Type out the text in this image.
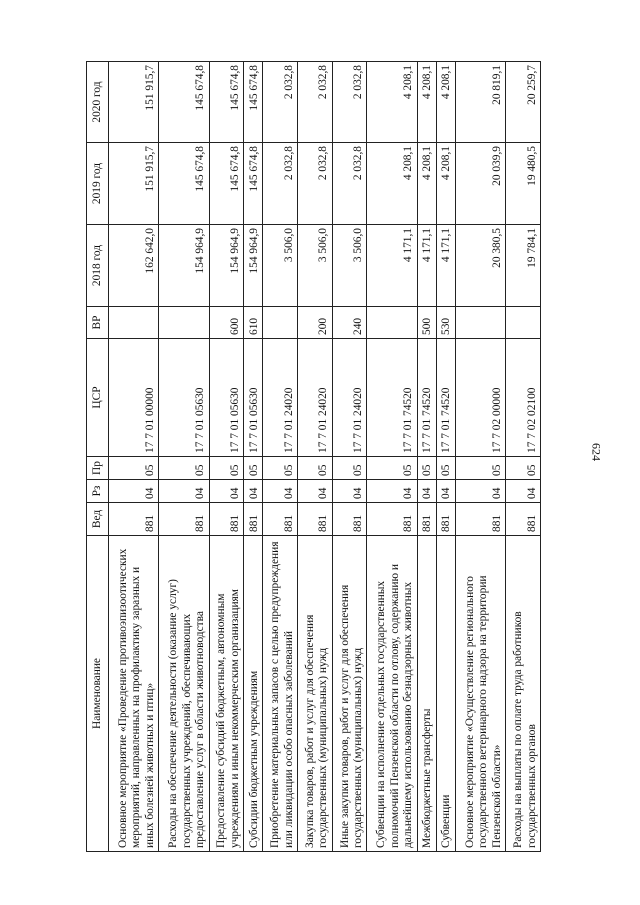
624
Наименование	Вед	Рз	Пр	ЦСР	ВР	2018 год	2019 год	2020 год
Основное мероприятие «Проведение противоэпизоотических мероприятий, направленных на профилактику заразных и иных болезней животных и птиц»	881	04	05	17 7 01 00000		162 642,0	151 915,7	151 915,7
Расходы на обеспечение деятельности (оказание услуг) государственных учреждений, обеспечивающих предоставление услуг в области животноводства	881	04	05	17 7 01 05630		154 964,9	145 674,8	145 674,8
Предоставление субсидий бюджетным, автономным учреждениям и иным некоммерческим организациям	881	04	05	17 7 01 05630	600	154 964,9	145 674,8	145 674,8
Субсидии бюджетным учреждениям	881	04	05	17 7 01 05630	610	154 964,9	145 674,8	145 674,8
Приобретение материальных запасов с целью предупреждения или ликвидации особо опасных заболеваний	881	04	05	17 7 01 24020		3 506,0	2 032,8	2 032,8
Закупка товаров, работ и услуг для обеспечения государственных (муниципальных) нужд	881	04	05	17 7 01 24020	200	3 506,0	2 032,8	2 032,8
Иные закупки товаров, работ и услуг для обеспечения государственных (муниципальных) нужд	881	04	05	17 7 01 24020	240	3 506,0	2 032,8	2 032,8
Субвенции на исполнение отдельных государственных полномочий Пензенской области по отлову, содержанию и дальнейшему использованию безнадзорных животных	881	04	05	17 7 01 74520		4 171,1	4 208,1	4 208,1
Межбюджетные трансферты	881	04	05	17 7 01 74520	500	4 171,1	4 208,1	4 208,1
Субвенции	881	04	05	17 7 01 74520	530	4 171,1	4 208,1	4 208,1
Основное мероприятие «Осуществление регионального государственного ветеринарного надзора на территории Пензенской области»	881	04	05	17 7 02 00000		20 380,5	20 039,9	20 819,1
Расходы на выплаты по оплате труда работников государственных органов	881	04	05	17 7 02 02100		19 784,1	19 480,5	20 259,7
